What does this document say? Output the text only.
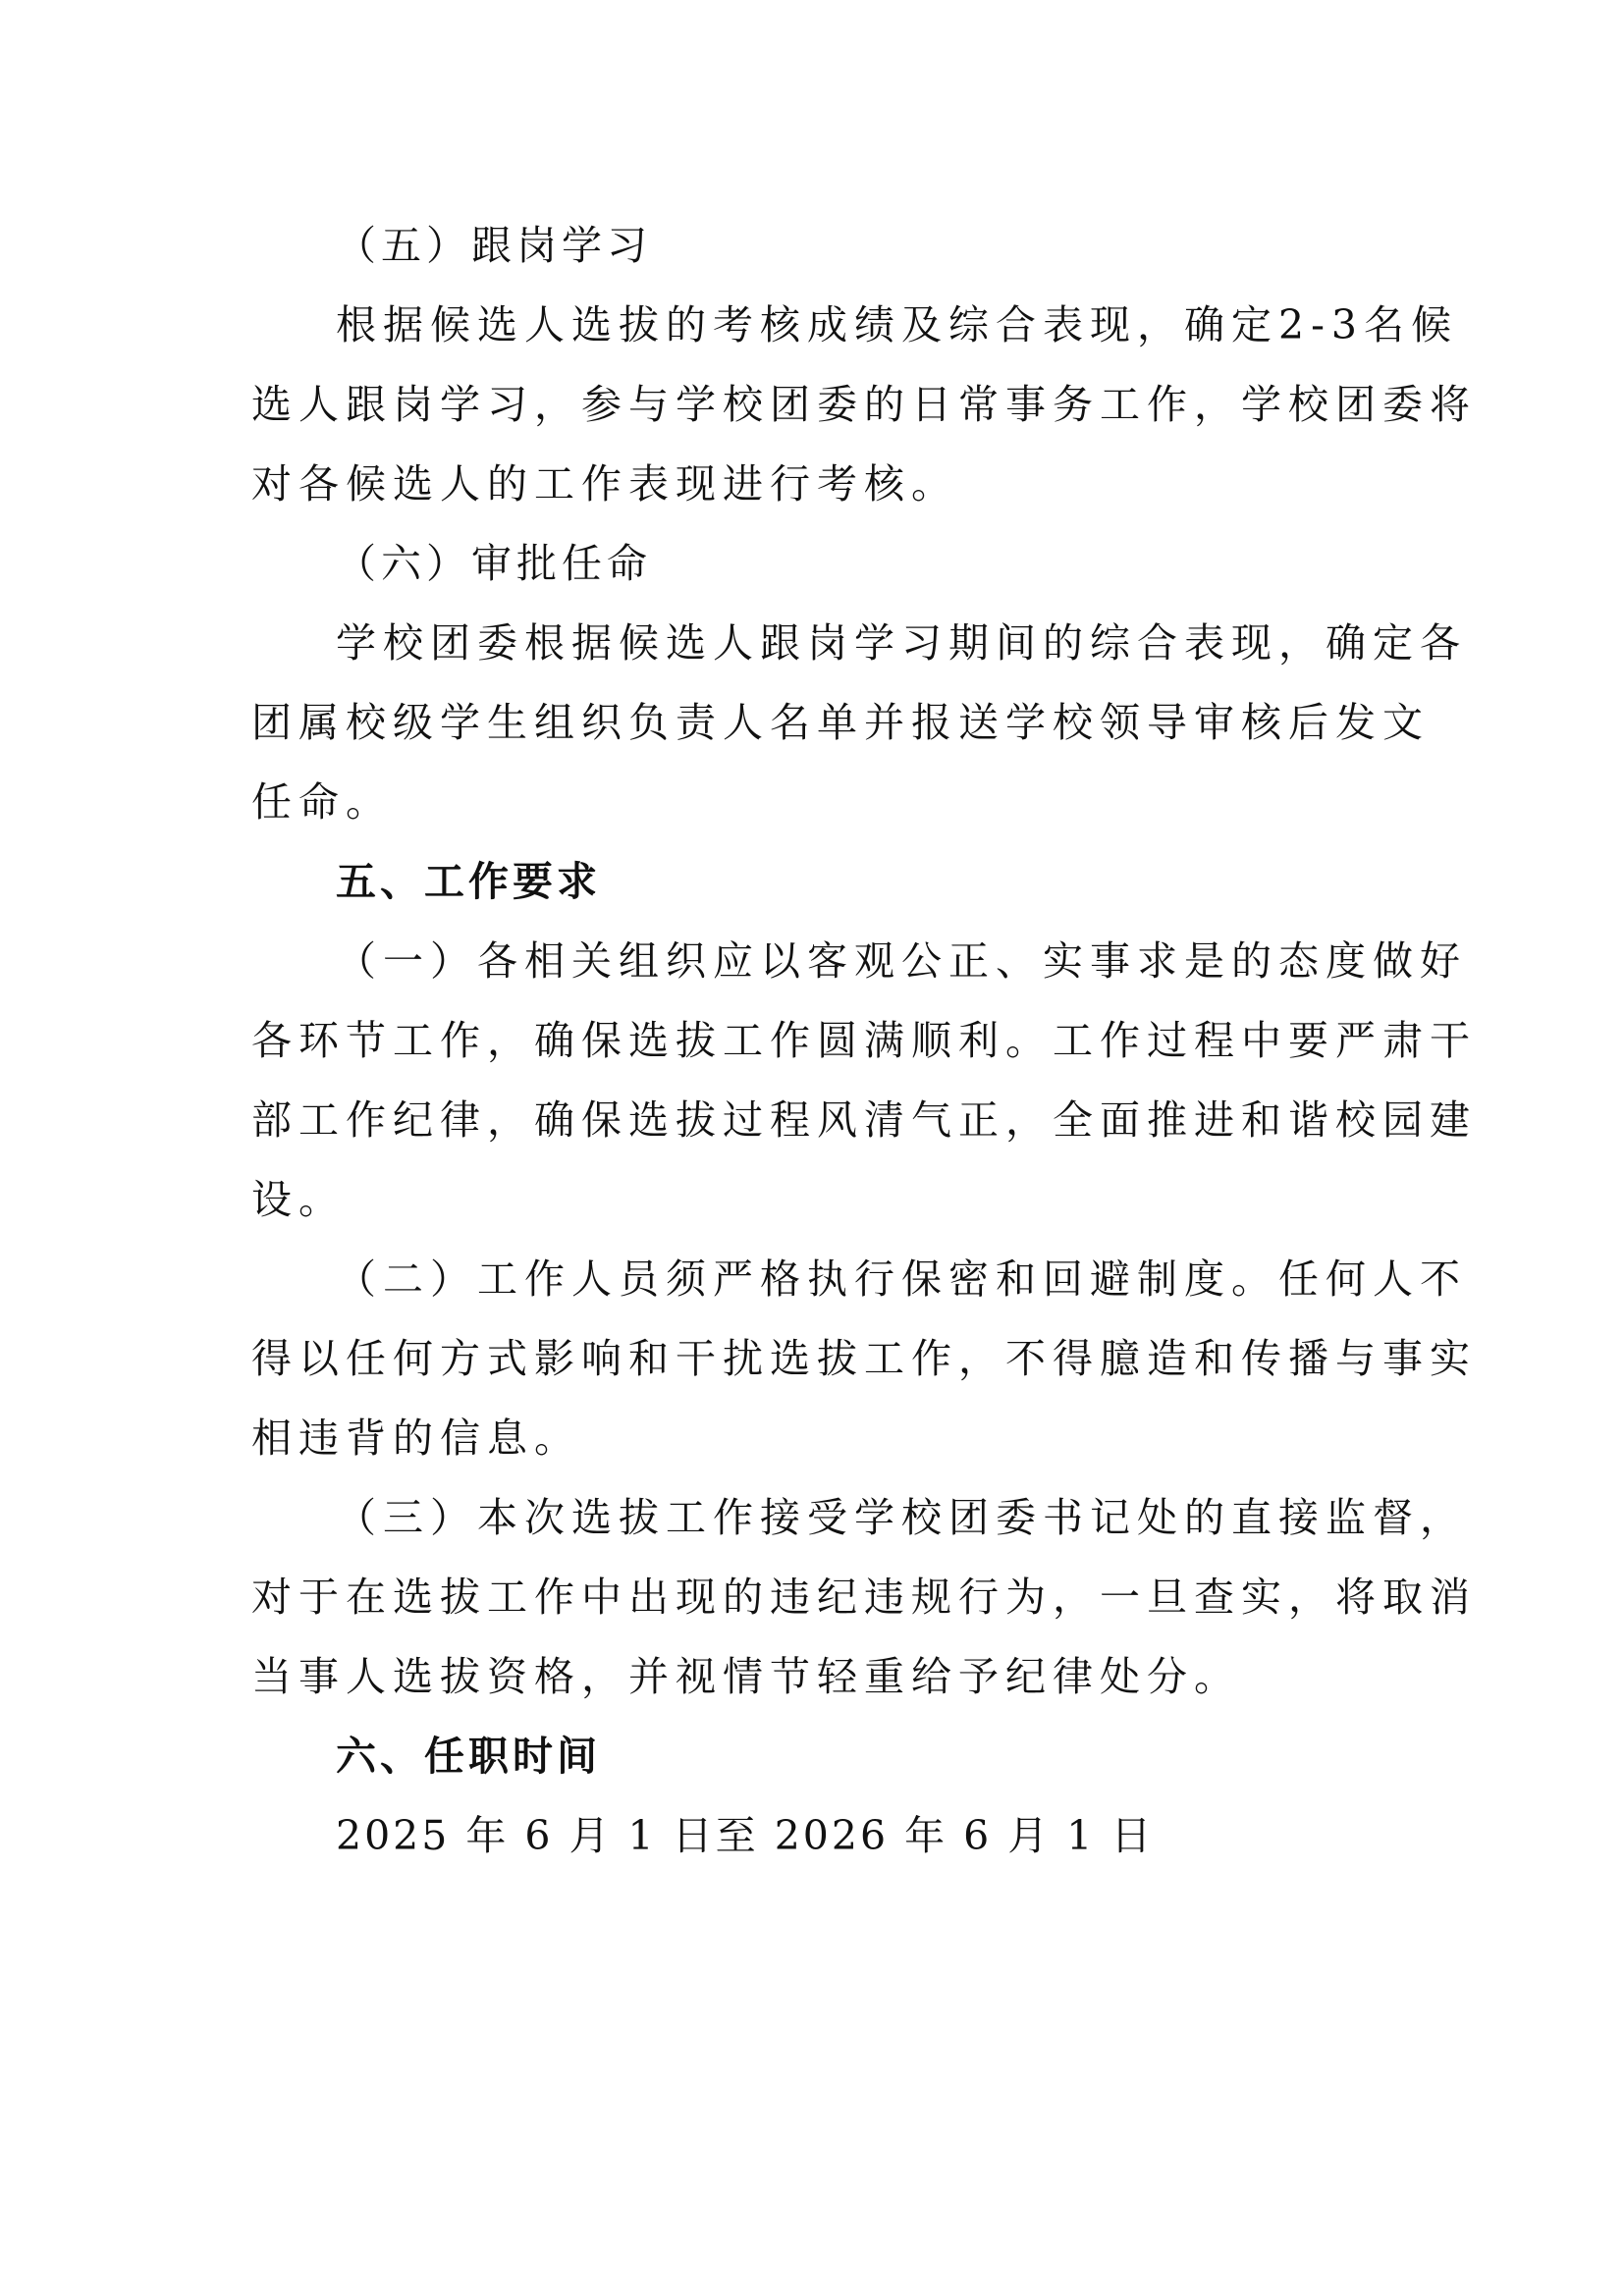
（五）跟岗学习
根据候选人选拔的考核成绩及综合表现，确定2-3名候
选人跟岗学习，参与学校团委的日常事务工作，学校团委将
对各候选人的工作表现进行考核。
（六）审批任命
学校团委根据候选人跟岗学习期间的综合表现，确定各
团属校级学生组织负责人名单并报送学校领导审核后发文
任命。
五、工作要求
（一）各相关组织应以客观公正、实事求是的态度做好
各环节工作，确保选拔工作圆满顺利。工作过程中要严肃干
部工作纪律，确保选拔过程风清气正，全面推进和谐校园建
设。
（二）工作人员须严格执行保密和回避制度。任何人不
得以任何方式影响和干扰选拔工作，不得臆造和传播与事实
相违背的信息。
（三）本次选拔工作接受学校团委书记处的直接监督，
对于在选拔工作中出现的违纪违规行为，一旦查实，将取消
当事人选拔资格，并视情节轻重给予纪律处分。
六、任职时间
2025 年 6 月 1 日至 2026 年 6 月 1 日
